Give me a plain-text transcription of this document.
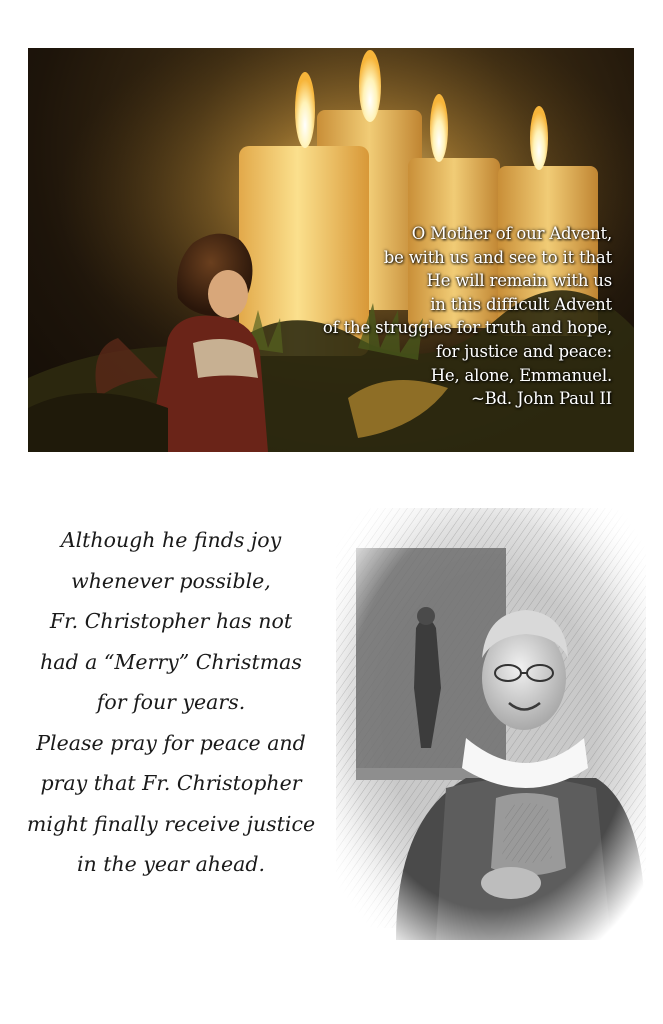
O Mother of our Advent,
be with us and see to it that
He will remain with us
in this difficult Advent
of the struggles for truth and hope,
for justice and peace:
He, alone, Emmanuel.
~Bd. John Paul II
Although he finds joy
whenever possible,
Fr. Christopher has not
had a “Merry” Christmas
for four years.
Please pray for peace and
pray that Fr. Christopher
might finally receive justice
in the year ahead.
